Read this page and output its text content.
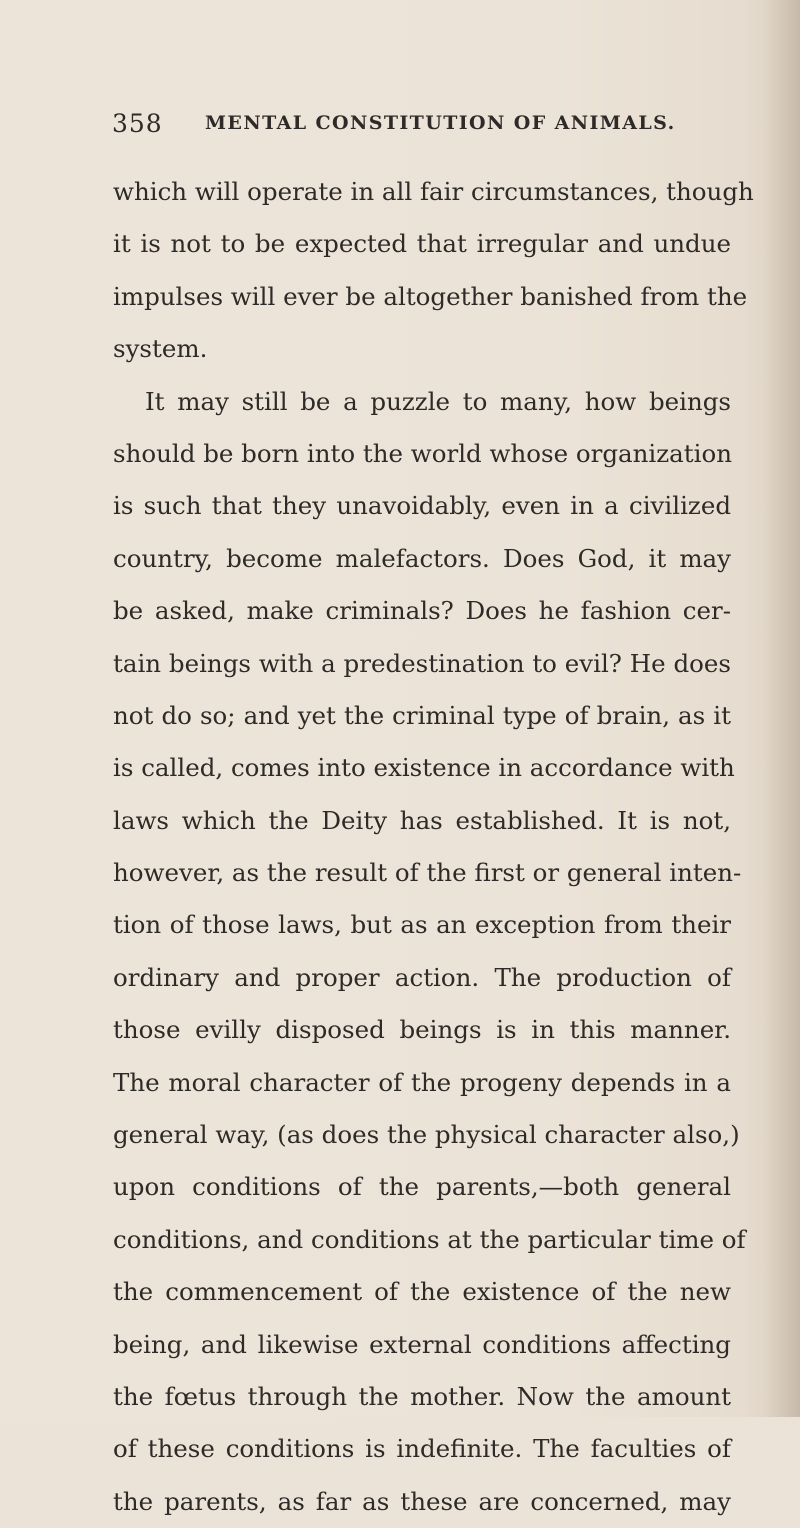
358 MENTAL CONSTITUTION OF ANIMALS.
which will operate in all fair circumstances, though
it is not to be expected that irregular and undue
impulses will ever be altogether banished from the
system.
It may still be a puzzle to many, how beings
should be born into the world whose organization
is such that they unavoidably, even in a civilized
country, become malefactors. Does God, it may
be asked, make criminals? Does he fashion cer-
tain beings with a predestination to evil? He does
not do so; and yet the criminal type of brain, as it
is called, comes into existence in accordance with
laws which the Deity has established. It is not,
however, as the result of the first or general inten-
tion of those laws, but as an exception from their
ordinary and proper action. The production of
those evilly disposed beings is in this manner.
The moral character of the progeny depends in a
general way, (as does the physical character also,)
upon conditions of the parents,—both general
conditions, and conditions at the particular time of
the commencement of the existence of the new
being, and likewise external conditions affecting
the fœtus through the mother. Now the amount
of these conditions is indefinite. The faculties of
the parents, as far as these are concerned, may
